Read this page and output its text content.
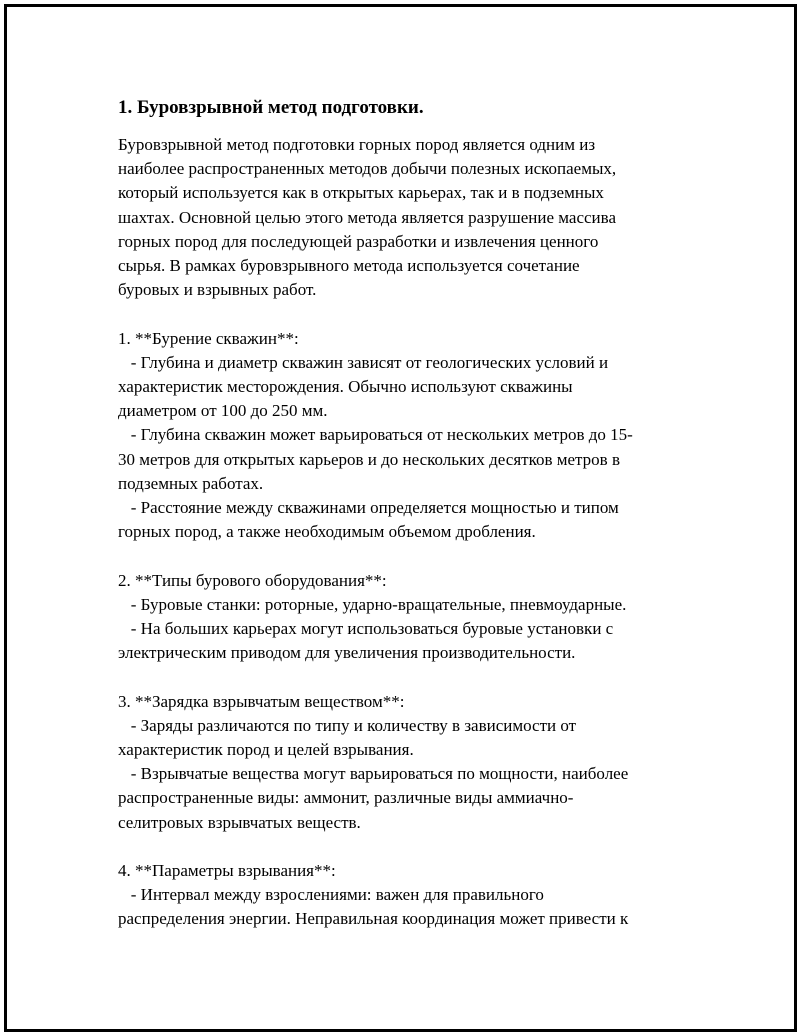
1. Буровзрывной метод подготовки.
Буровзрывной метод подготовки горных пород является одним из
наиболее распространенных методов добычи полезных ископаемых,
который используется как в открытых карьерах, так и в подземных
шахтах. Основной целью этого метода является разрушение массива
горных пород для последующей разработки и извлечения ценного
сырья. В рамках буровзрывного метода используется сочетание
буровых и взрывных работ.
1. **Бурение скважин**:
- Глубина и диаметр скважин зависят от геологических условий и
характеристик месторождения. Обычно используют скважины
диаметром от 100 до 250 мм.
- Глубина скважин может варьироваться от нескольких метров до 15-
30 метров для открытых карьеров и до нескольких десятков метров в
подземных работах.
- Расстояние между скважинами определяется мощностью и типом
горных пород, а также необходимым объемом дробления.
2. **Типы бурового оборудования**:
- Буровые станки: роторные, ударно-вращательные, пневмоударные.
- На больших карьерах могут использоваться буровые установки с
электрическим приводом для увеличения производительности.
3. **Зарядка взрывчатым веществом**:
- Заряды различаются по типу и количеству в зависимости от
характеристик пород и целей взрывания.
- Взрывчатые вещества могут варьироваться по мощности, наиболее
распространенные виды: аммонит, различные виды аммиачно-
селитровых взрывчатых веществ.
4. **Параметры взрывания**:
- Интервал между взрослениями: важен для правильного
распределения энергии. Неправильная координация может привести к
